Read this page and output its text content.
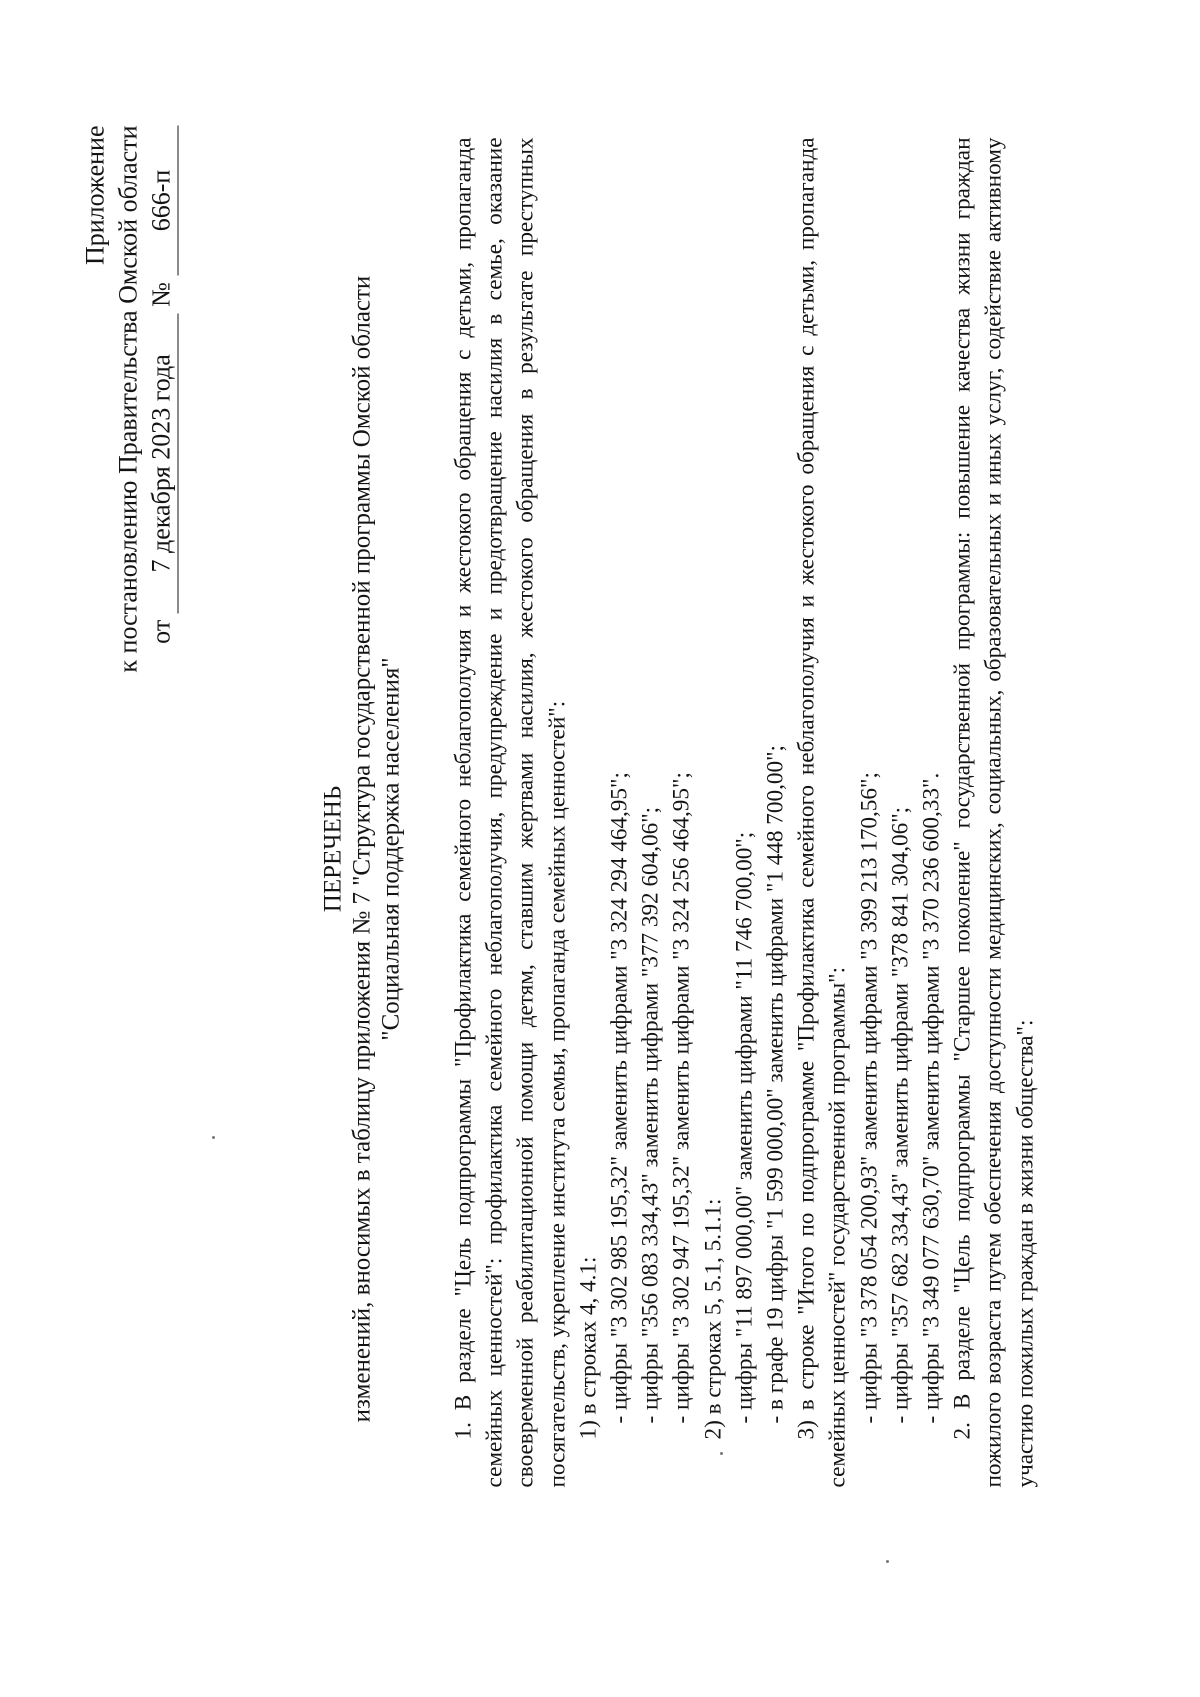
Приложение к постановлению Правительства Омской области от 7 декабря 2023 года № 666-п
ПЕРЕЧЕНЬ изменений, вносимых в таблицу приложения № 7 "Структура государственной программы Омской области "Социальная поддержка населения" 1. В разделе "Цель подпрограммы "Профилактика семейного неблагополучия и жестокого обращения с детьми, пропаганда семейных ценностей": профилактика семейного неблагополучия, предупреждение и предотвращение насилия в семье, оказание своевременной реабилитационной помощи детям, ставшим жертвами насилия, жестокого обращения в результате преступных посягательств, укрепление института семьи, пропаганда семейных ценностей": 1) в строках 4, 4.1: - цифры "3 302 985 195,32" заменить цифрами "3 324 294 464,95"; - цифры "356 083 334,43" заменить цифрами "377 392 604,06"; - цифры "3 302 947 195,32" заменить цифрами "3 324 256 464,95"; 2) в строках 5, 5.1, 5.1.1: - цифры "11 897 000,00" заменить цифрами "11 746 700,00"; - в графе 19 цифры "1 599 000,00" заменить цифрами "1 448 700,00"; 3) в строке "Итого по подпрограмме "Профилактика семейного неблагополучия и жестокого обращения с детьми, пропаганда семейных ценностей" государственной программы": - цифры "3 378 054 200,93" заменить цифрами "3 399 213 170,56"; - цифры "357 682 334,43" заменить цифрами "378 841 304,06"; - цифры "3 349 077 630,70" заменить цифрами "3 370 236 600,33". 2. В разделе "Цель подпрограммы "Старшее поколение" государственной программы: повышение качества жизни граждан пожилого возраста путем обеспечения доступности медицинских, социальных, образовательных и иных услуг, содействие активному участию пожилых граждан в жизни общества":
